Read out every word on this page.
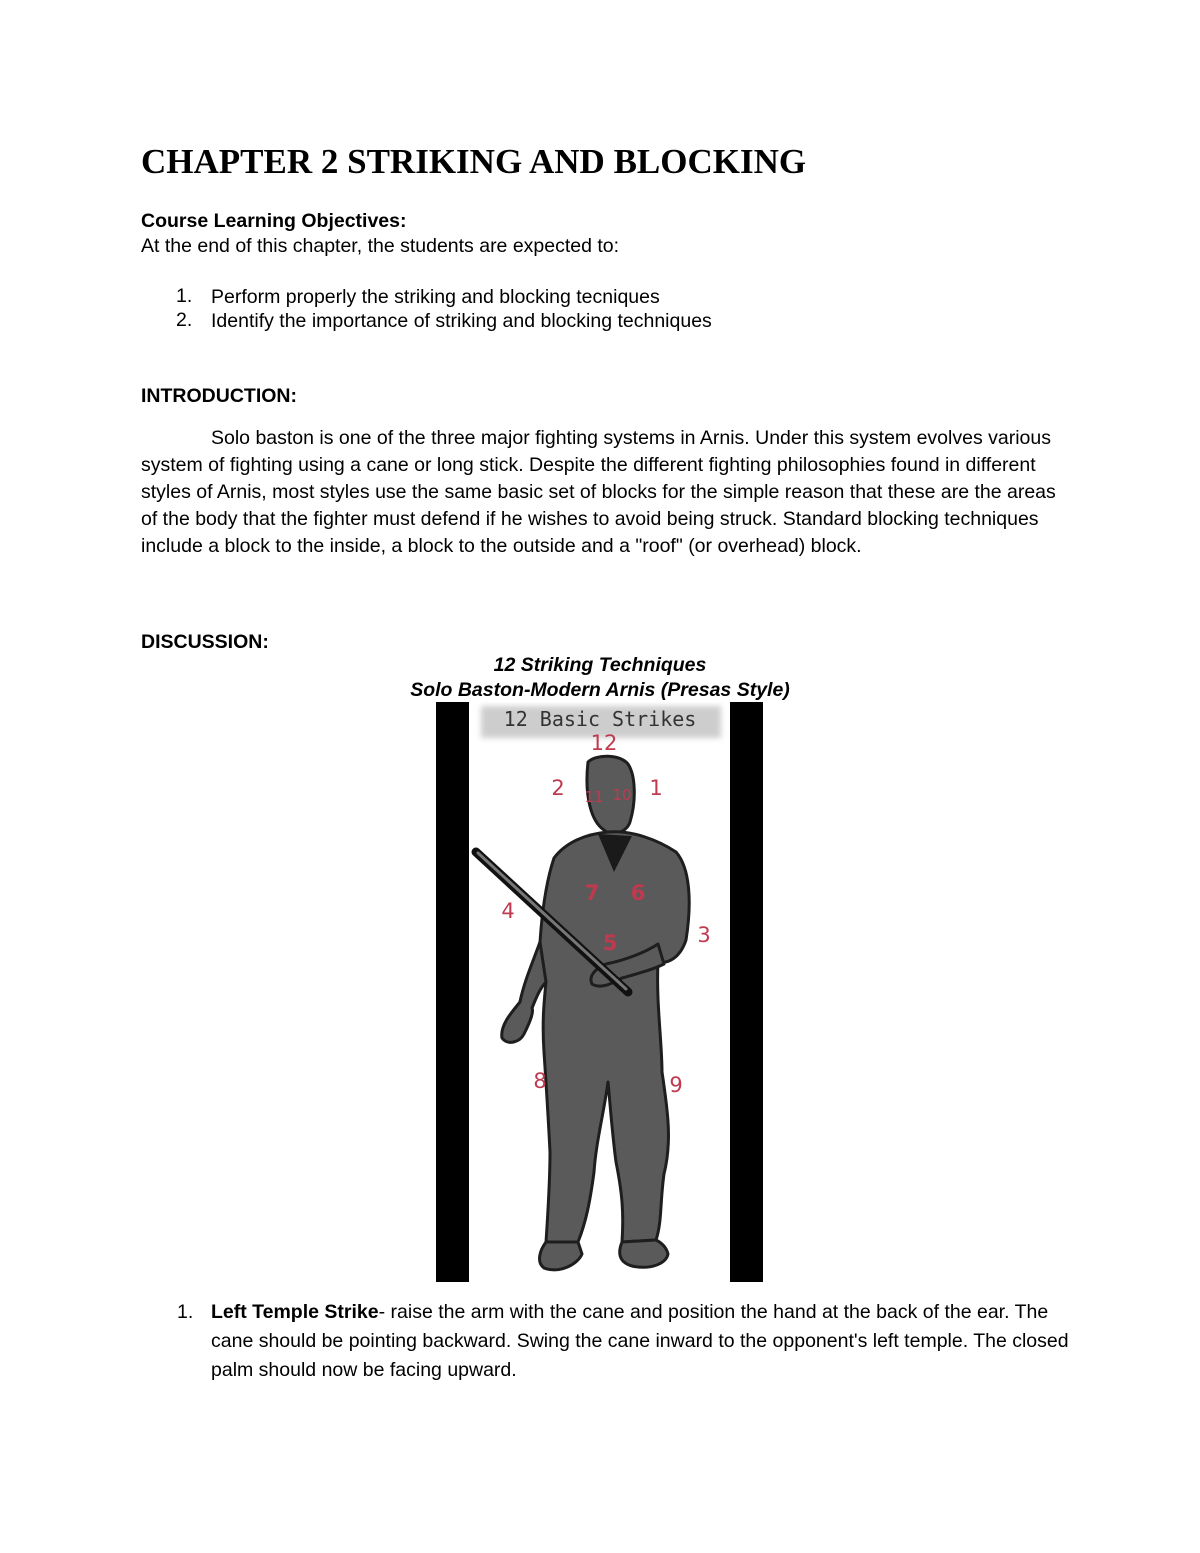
CHAPTER 2 STRIKING AND BLOCKING
Course Learning Objectives:
At the end of this chapter, the students are expected to:
1. Perform properly the striking and blocking tecniques
2. Identify the importance of striking and blocking techniques
INTRODUCTION:
Solo baston is one of the three major fighting systems in Arnis. Under this system evolves various system of fighting using a cane or long stick. Despite the different fighting philosophies found in different styles of Arnis, most styles use the same basic set of blocks for the simple reason that these are the areas of the body that the fighter must defend if he wishes to avoid being struck. Standard blocking techniques include a block to the inside, a block to the outside and a "roof" (or overhead) block.
DISCUSSION:
12 Striking Techniques
Solo Baston-Modern Arnis (Presas Style)
12 Basic Strikes
12
2 11 10 1
7 6
4
5	3
8	9
1. Left Temple Strike- raise the arm with the cane and position the hand at the back of the ear. The cane should be pointing backward. Swing the cane inward to the opponent's left temple. The closed palm should now be facing upward.
